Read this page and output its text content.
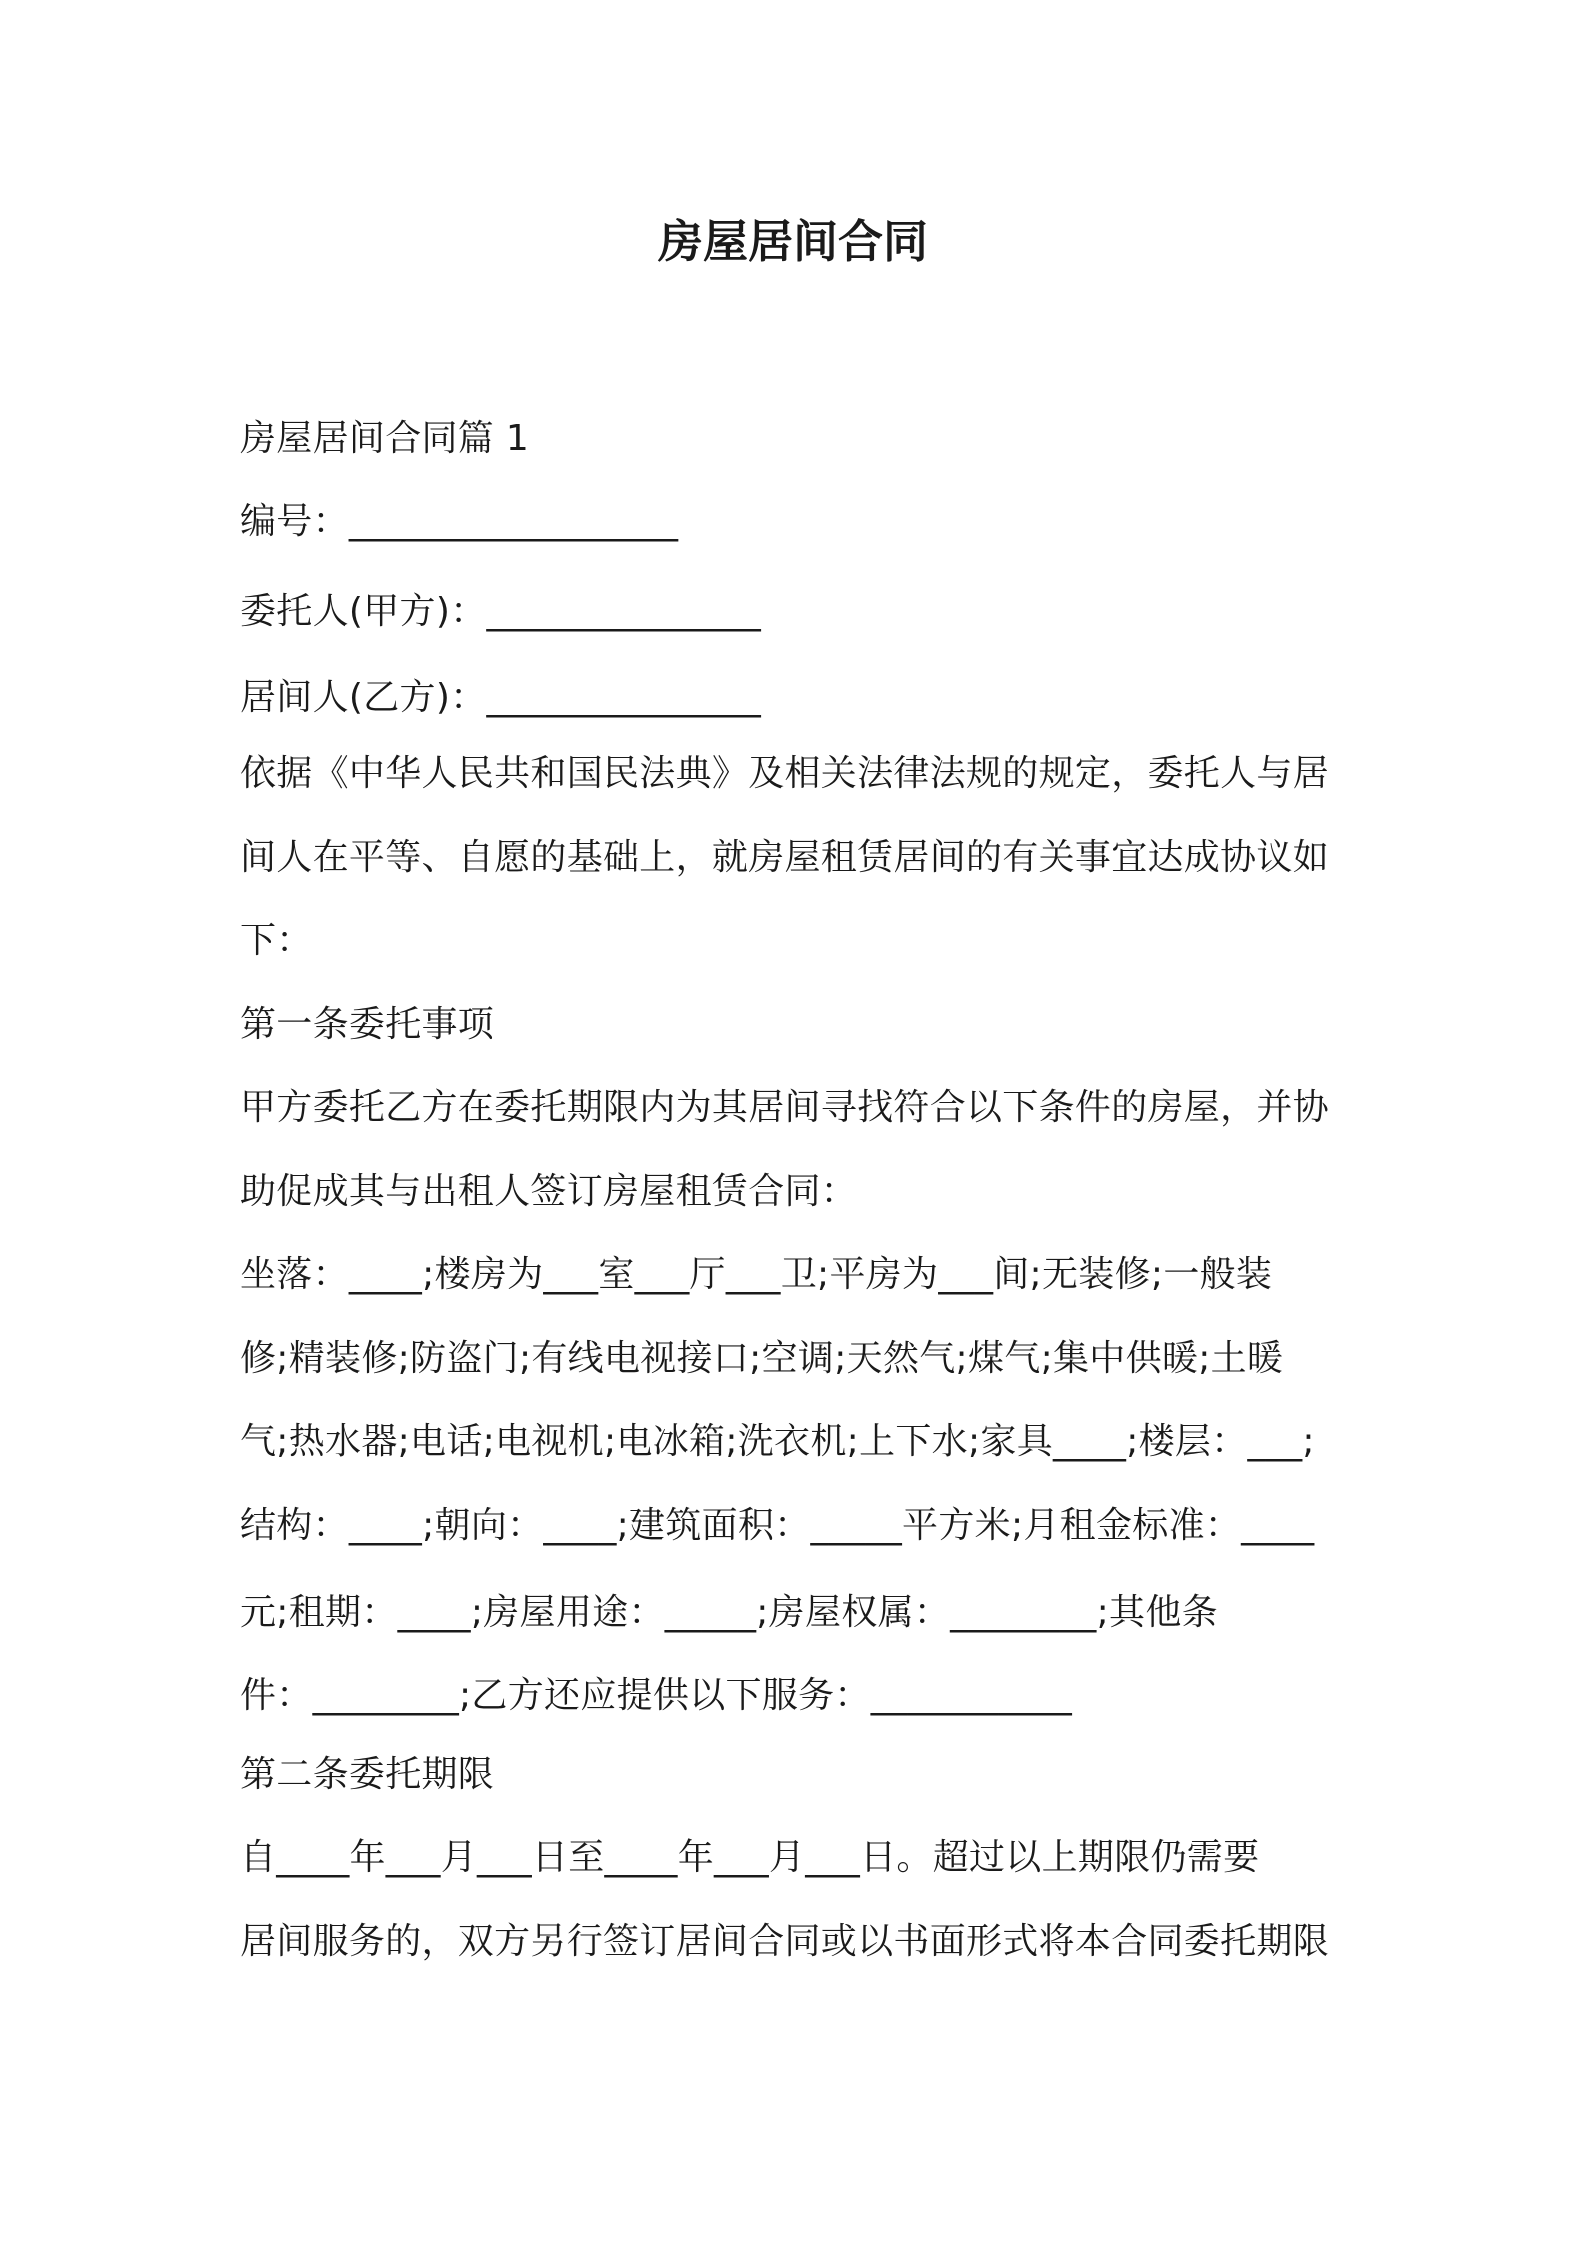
房屋居间合同
房屋居间合同篇 1
编号：__________________
委托人(甲方)：_______________
居间人(乙方)：_______________
依据《中华人民共和国民法典》及相关法律法规的规定，委托人与居
间人在平等、自愿的基础上，就房屋租赁居间的有关事宜达成协议如
下：
第一条委托事项
甲方委托乙方在委托期限内为其居间寻找符合以下条件的房屋，并协
助促成其与出租人签订房屋租赁合同：
坐落：____;楼房为___室___厅___卫;平房为___间;无装修;一般装
修;精装修;防盗门;有线电视接口;空调;天然气;煤气;集中供暖;土暖
气;热水器;电话;电视机;电冰箱;洗衣机;上下水;家具____;楼层：___;
结构：____;朝向：____;建筑面积：_____平方米;月租金标准：____
元;租期：____;房屋用途：_____;房屋权属：________;其他条
件：________;乙方还应提供以下服务：___________
第二条委托期限
自____年___月___日至____年___月___日。超过以上期限仍需要
居间服务的，双方另行签订居间合同或以书面形式将本合同委托期限
